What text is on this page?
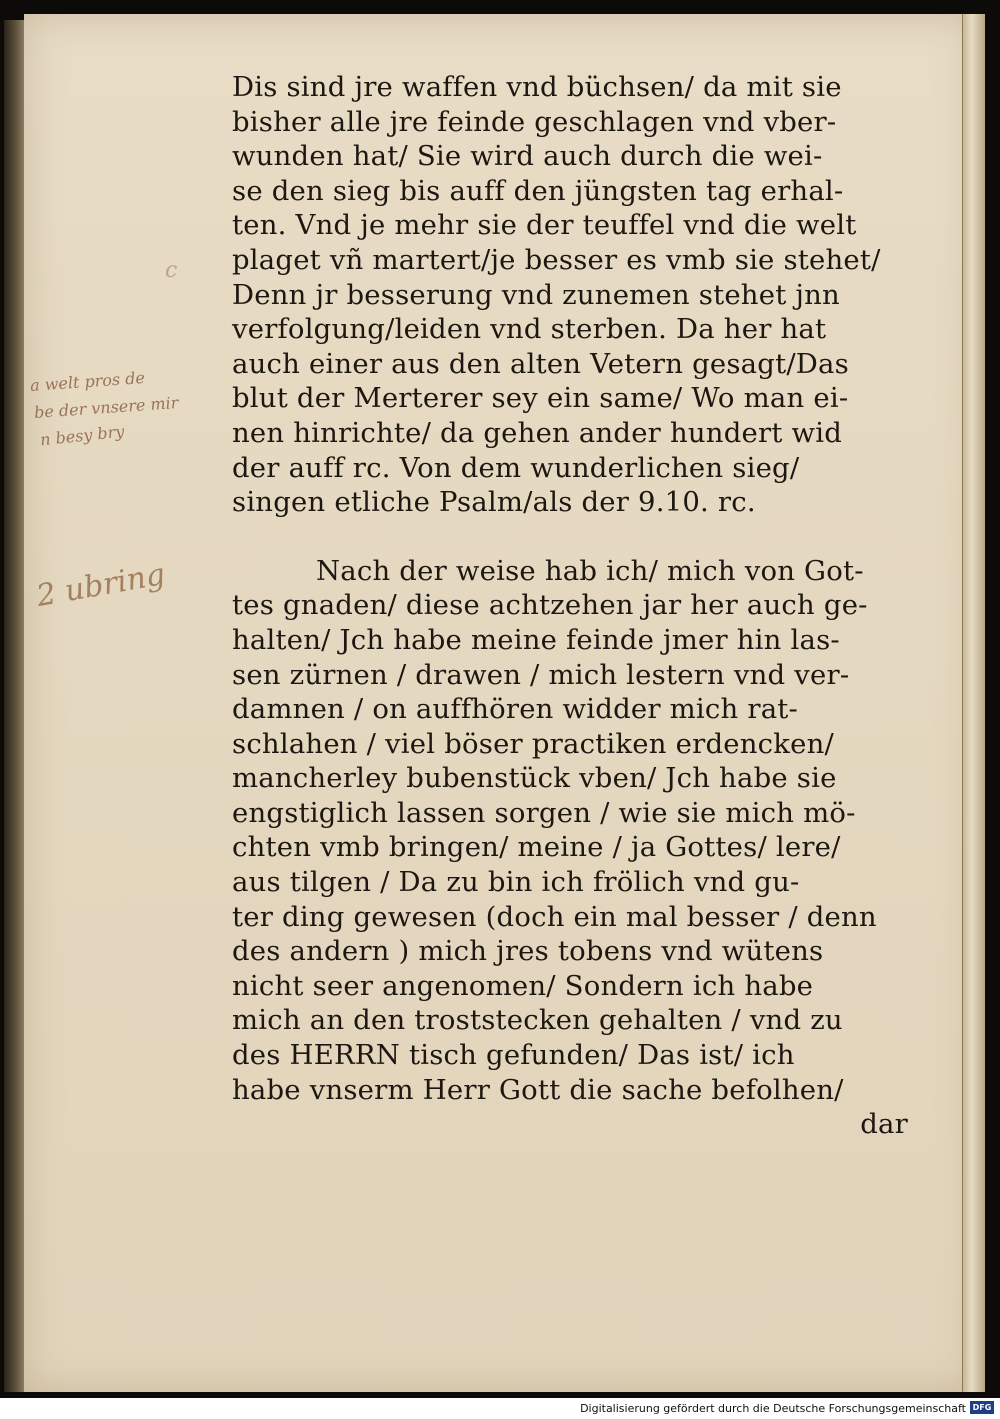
c
a welt pros de
be der vnsere mir
n besy bry
2 ubring
Dis sind jre waffen vnd büchsen/ da mit sie
bisher alle jre feinde geschlagen vnd vber-
wunden hat/ Sie wird auch durch die wei-
se den sieg bis auff den jüngsten tag erhal-
ten. Vnd je mehr sie der teuffel vnd die welt
plaget vñ martert/je besser es vmb sie stehet/
Denn jr besserung vnd zunemen stehet jnn
verfolgung/leiden vnd sterben. Da her hat
auch einer aus den alten Vetern gesagt/Das
blut der Merterer sey ein same/ Wo man ei-
nen hinrichte/ da gehen ander hundert wid
der auff rc. Von dem wunderlichen sieg/
singen etliche Psalm/als der 9.10. rc.
Nach der weise hab ich/ mich von Got-
tes gnaden/ diese achtzehen jar her auch ge-
halten/ Jch habe meine feinde jmer hin las-
sen zürnen / drawen / mich lestern vnd ver-
damnen / on auffhören widder mich rat-
schlahen / viel böser practiken erdencken/
mancherley bubenstück vben/ Jch habe sie
engstiglich lassen sorgen / wie sie mich mö-
chten vmb bringen/ meine / ja Gottes/ lere/
aus tilgen / Da zu bin ich frölich vnd gu-
ter ding gewesen (doch ein mal besser / denn
des andern ) mich jres tobens vnd wütens
nicht seer angenomen/ Sondern ich habe
mich an den troststecken gehalten / vnd zu
des HERRN tisch gefunden/ Das ist/ ich
habe vnserm Herr Gott die sache befolhen/
dar
Digitalisierung gefördert durch die Deutsche Forschungsgemeinschaft DFG
